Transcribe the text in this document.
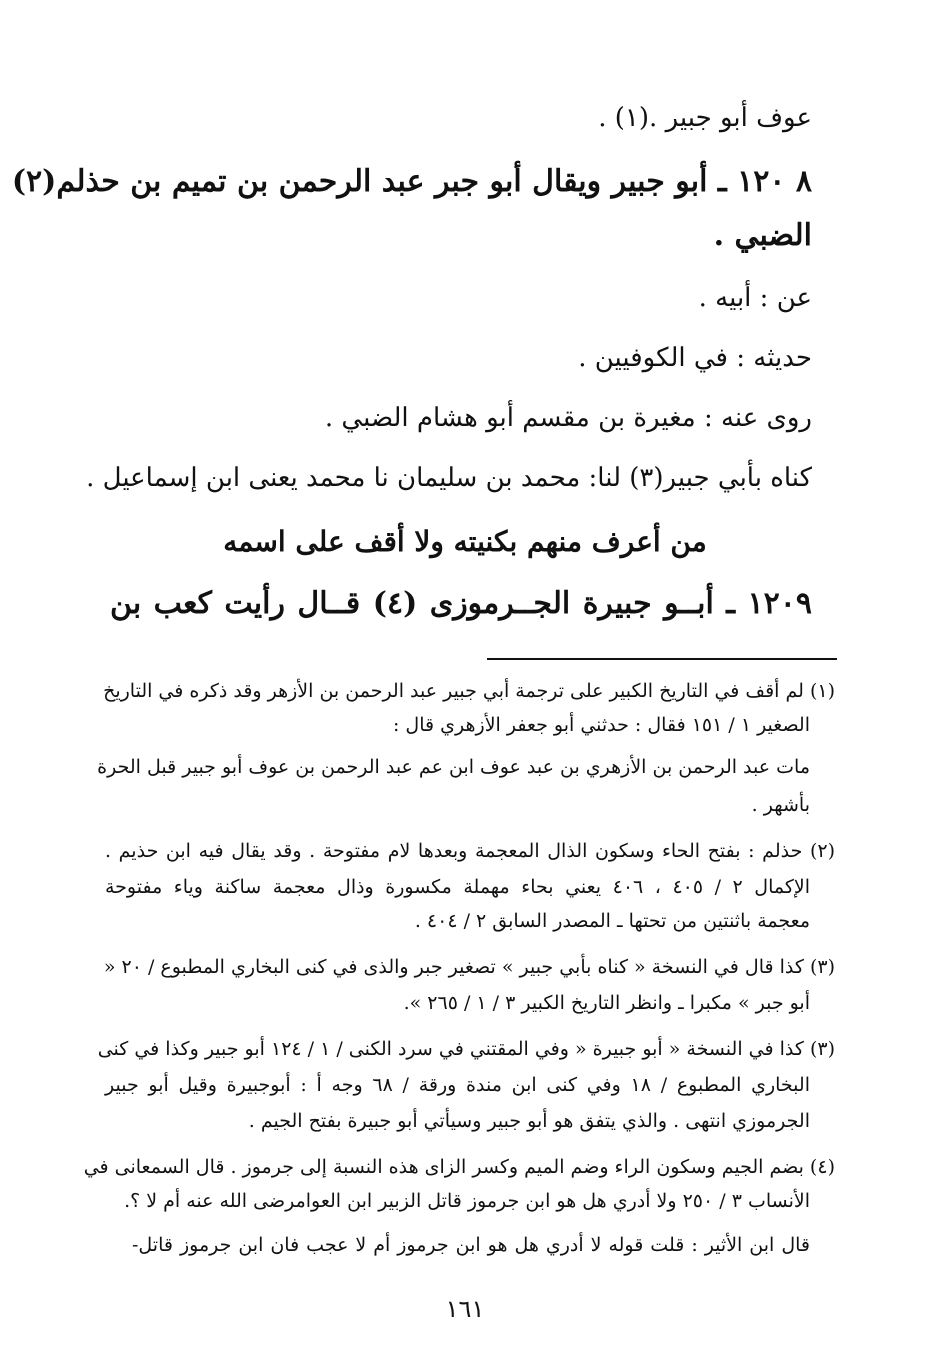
عوف أبو جبير .(١) .

٨ ١٢٠ ـ أبو جبير ويقال أبو جبر عبد الرحمن بن تميم بن حذلم(٢)

الضبي .

عن : أبيه .

حديثه : في الكوفيين .

روى عنه : مغيرة بن مقسم أبو هشام الضبي .

كناه بأبي جبير(٣) لنا: محمد بن سليمان نا محمد يعنى ابن إسماعيل .

من أعرف منهم بكنيته ولا أقف على اسمه

١٢٠٩ ـ أبــو جبيرة الجــرموزى (٤) قــال رأيت كعب بن

(١) لم أقف في التاريخ الكبير على ترجمة أبي جبير عبد الرحمن بن الأزهر وقد ذكره في التاريخ

الصغير ١ / ١٥١ فقال : حدثني أبو جعفر الأزهري قال :

مات عبد الرحمن بن الأزهري بن عبد عوف ابن عم عبد الرحمن بن عوف أبو جبير قبل الحرة

بأشهر .

(٢) حذلم : بفتح الحاء وسكون الذال المعجمة وبعدها لام مفتوحة . وقد يقال فيه ابن حذيم .

الإكمال ٢ / ٤٠٥ ، ٤٠٦ يعني بحاء مهملة مكسورة وذال معجمة ساكنة وياء مفتوحة

معجمة باثنتين من تحتها ـ المصدر السابق ٢ / ٤٠٤ .

(٣) كذا قال في النسخة « كناه بأبي جبير » تصغير جبر والذى في كنى البخاري المطبوع / ٢٠ «

أبو جبر » مكبرا ـ وانظر التاريخ الكبير ٣ / ١ / ٢٦٥ ».

(٣) كذا في النسخة « أبو جبيرة « وفي المقتني في سرد الكنى / ١ / ١٢٤ أبو جبير وكذا في كنى

البخاري المطبوع / ١٨ وفي كنى ابن مندة ورقة / ٦٨ وجه أ : أبوجبيرة وقيل أبو جبير

الجرموزي انتهى . والذي يتفق هو أبو جبير وسيأتي أبو جبيرة بفتح الجيم .

(٤) بضم الجيم وسكون الراء وضم الميم وكسر الزاى هذه النسبة إلى جرموز . قال السمعانى في

الأنساب ٣ / ٢٥٠ ولا أدري هل هو ابن جرموز قاتل الزبير ابن العوامرضى الله عنه أم لا ؟.

قال ابن الأثير : قلت قوله لا أدري هل هو ابن جرموز أم لا عجب فان ابن جرموز قاتل-

١٦١
